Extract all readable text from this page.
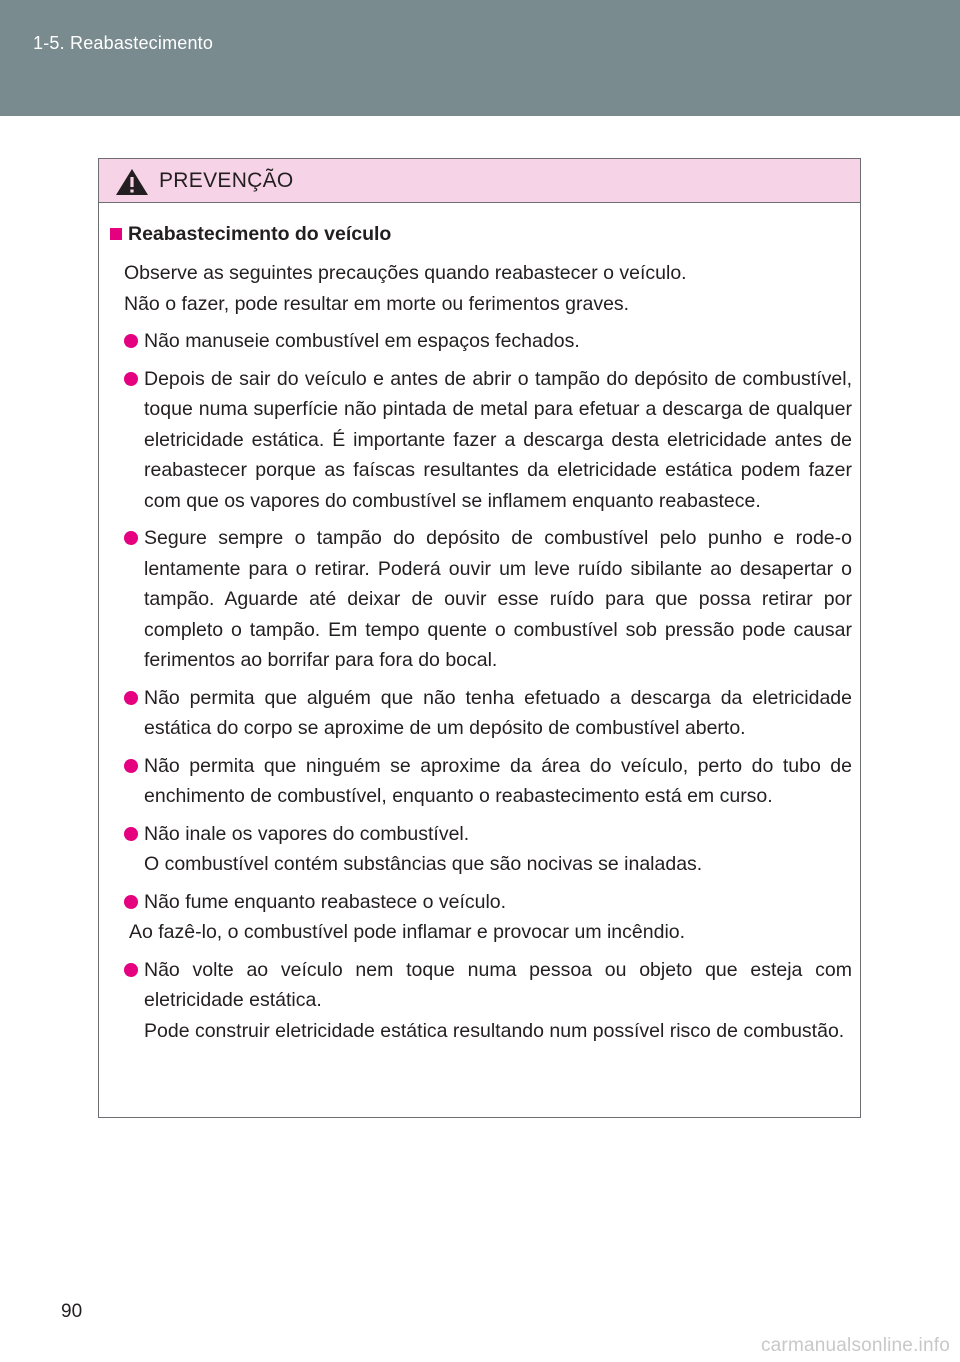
1-5. Reabastecimento
PREVENÇÃO
Reabastecimento do veículo
Observe as seguintes precauções quando reabastecer o veículo.
Não o fazer, pode resultar em morte ou ferimentos graves.
Não manuseie combustível em espaços fechados.
Depois de sair do veículo e antes de abrir o tampão do depósito de combustível, toque numa superfície não pintada de metal para efetuar a descarga de qualquer eletricidade estática. É importante fazer a descarga desta eletricidade antes de reabastecer porque as faíscas resultantes da eletricidade estática podem fazer com que os vapores do combustível se inflamem enquanto reabastece.
Segure sempre o tampão do depósito de combustível pelo punho e rode-o lentamente para o retirar. Poderá ouvir um leve ruído sibilante ao desapertar o tampão. Aguarde até deixar de ouvir esse ruído para que possa retirar por completo o tampão. Em tempo quente o combustível sob pressão pode causar ferimentos ao borrifar para fora do bocal.
Não permita que alguém que não tenha efetuado a descarga da eletricidade estática do corpo se aproxime de um depósito de combustível aberto.
Não permita que ninguém se aproxime da área do veículo, perto do tubo de enchimento de combustível, enquanto o reabastecimento está em curso.
Não inale os vapores do combustível.
O combustível contém substâncias que são nocivas se inaladas.
Não fume enquanto reabastece o veículo.
Ao fazê-lo, o combustível pode inflamar e provocar um incêndio.
Não volte ao veículo nem toque numa pessoa ou objeto que esteja com eletricidade estática.
Pode construir eletricidade estática resultando num possível risco de combustão.
90
carmanualsonline.info
